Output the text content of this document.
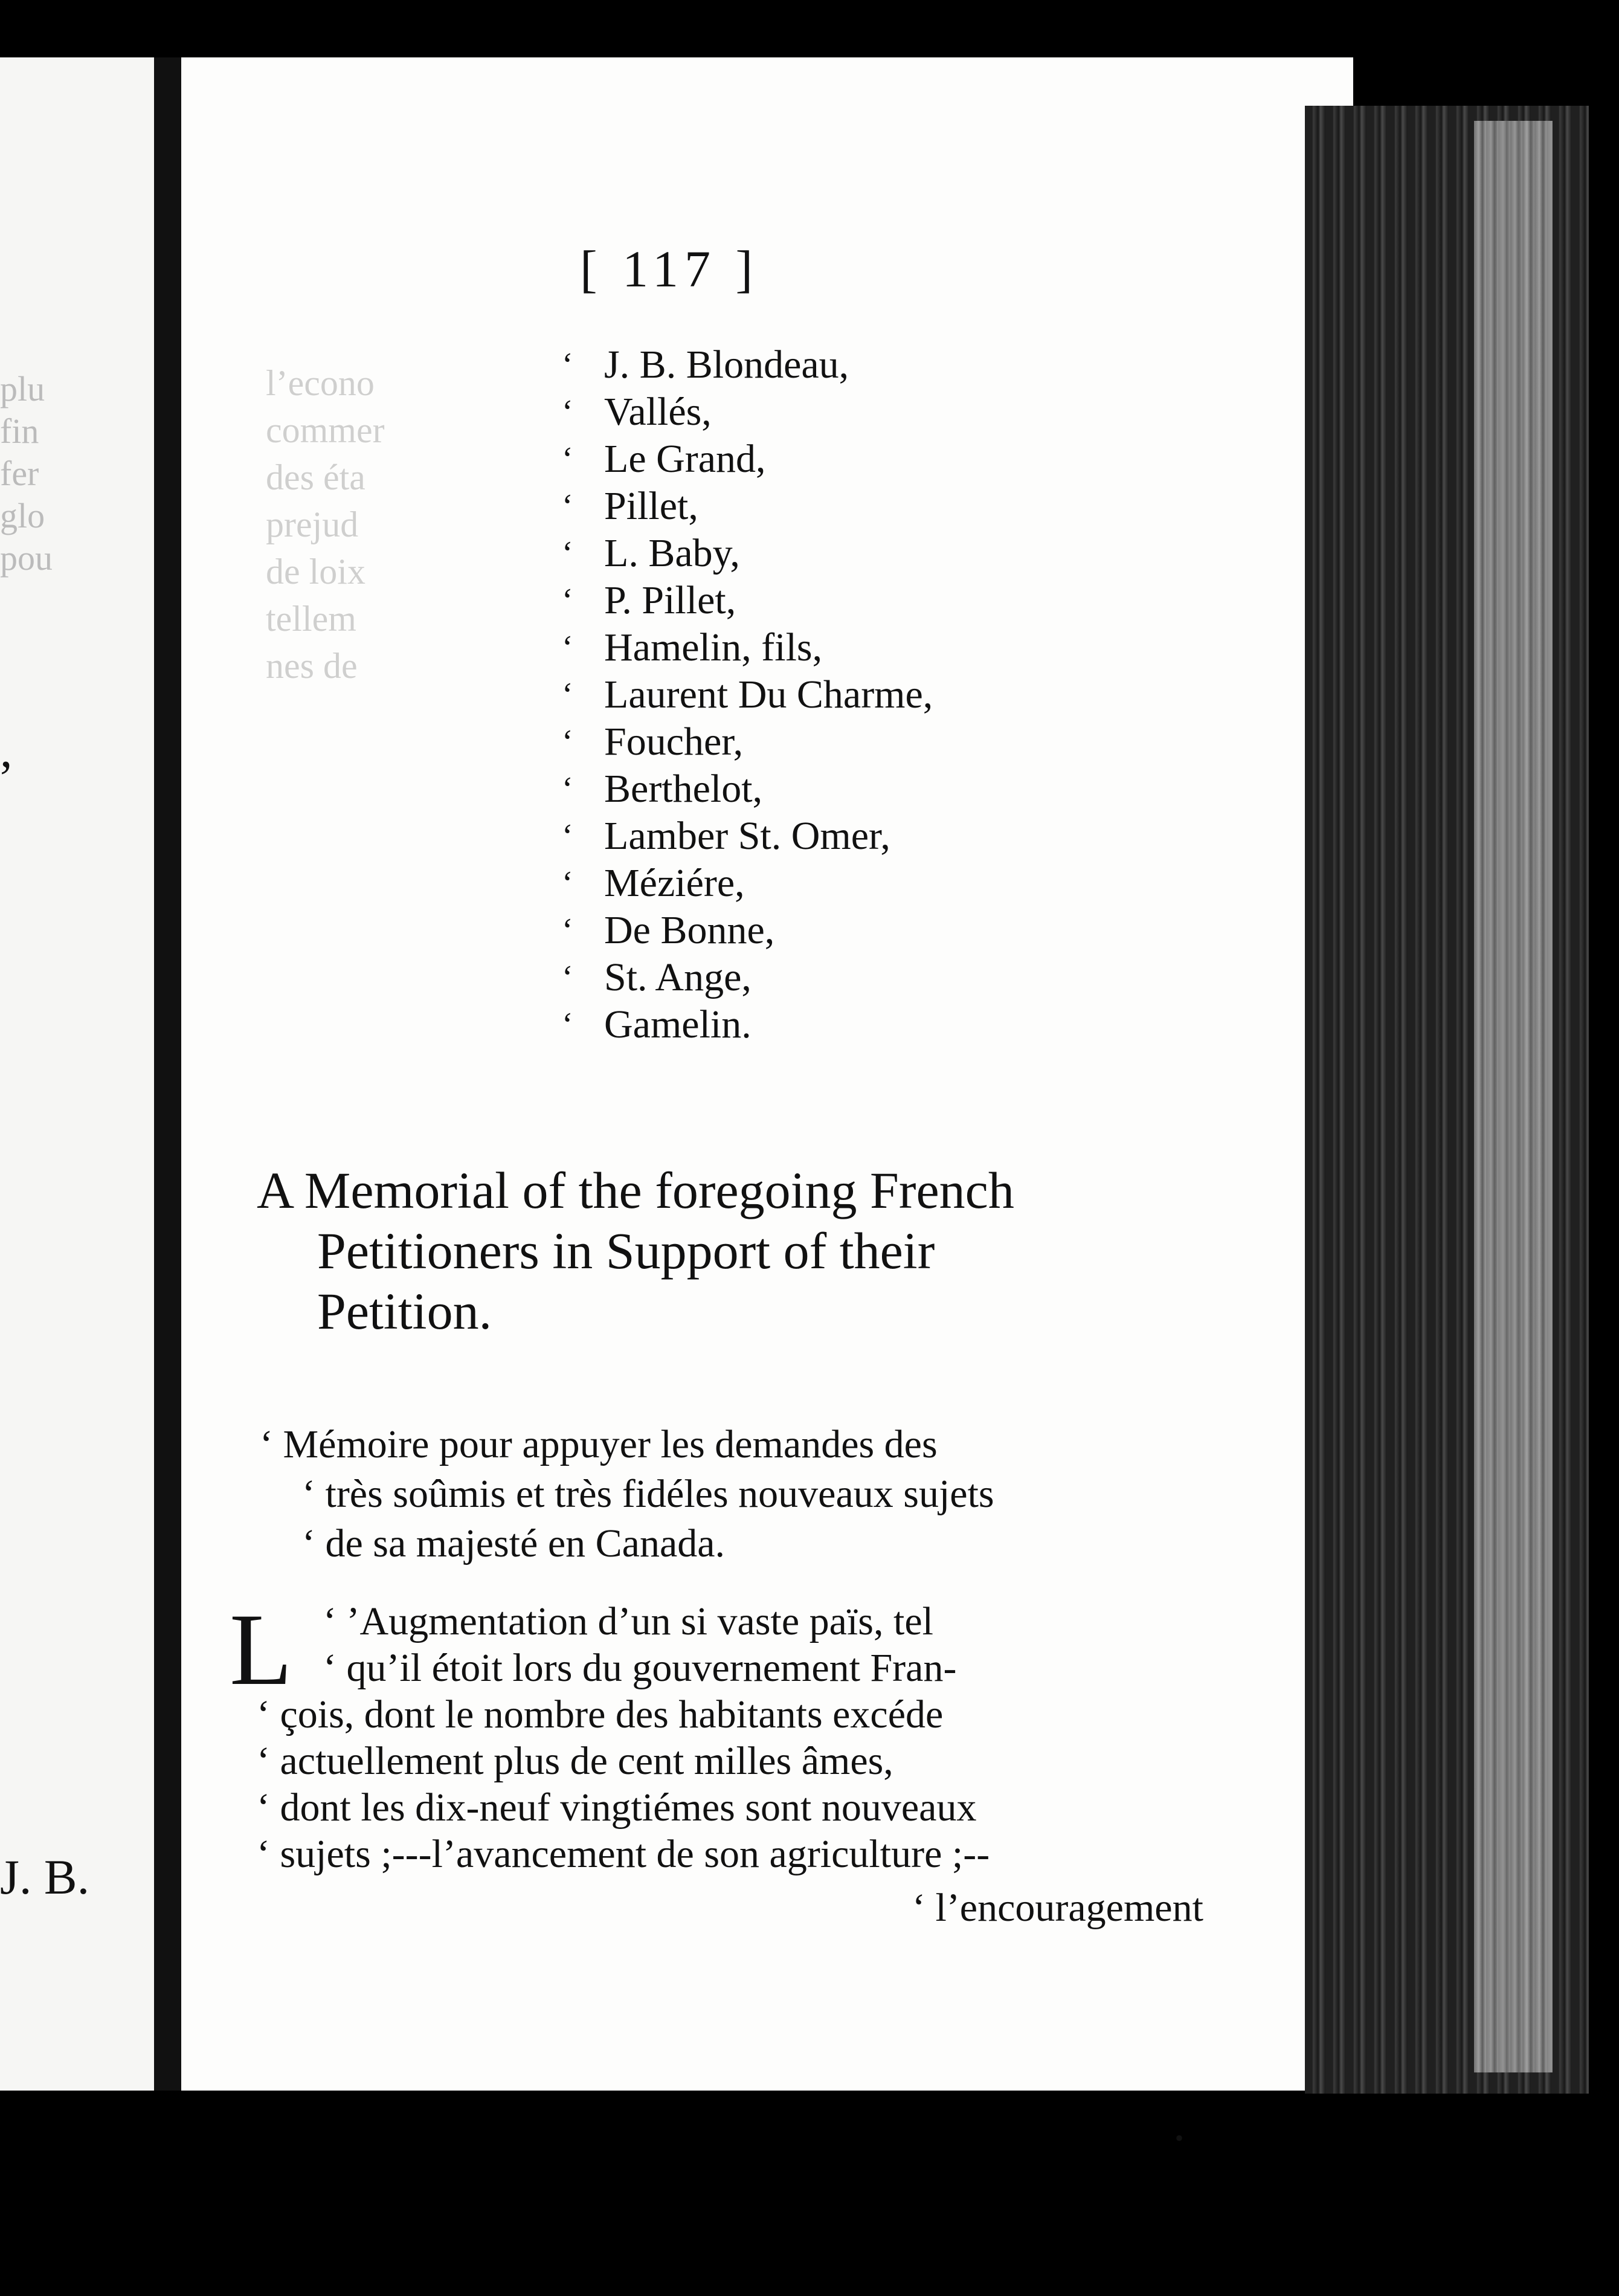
plu
fin
fer
glo
pou
,
J. B.
l’econo
commer
des éta
prejud
de loix
tellem
nes de
[ 117 ]
‘ J. B. Blondeau,
‘ Vallés,
‘ Le Grand,
‘ Pillet,
‘ L. Baby,
‘ P. Pillet,
‘ Hamelin, fils,
‘ Laurent Du Charme,
‘ Foucher,
‘ Berthelot,
‘ Lamber St. Omer,
‘ Méziére,
‘ De Bonne,
‘ St. Ange,
‘ Gamelin.
A Memorial of the foregoing French
Petitioners in Support of their
Petition.
‘ Mémoire pour appuyer les demandes des
‘ très soûmis et très fidéles nouveaux sujets
‘ de sa majesté en Canada.
L ‘ ’Augmentation d’un si vaste païs, tel
‘ qu’il étoit lors du gouvernement Fran-
‘ çois, dont le nombre des habitants excéde
‘ actuellement plus de cent milles âmes,
‘ dont les dix-neuf vingtiémes sont nouveaux
‘ sujets ;---l’avancement de son agriculture ;--
‘ l’encouragement
•
